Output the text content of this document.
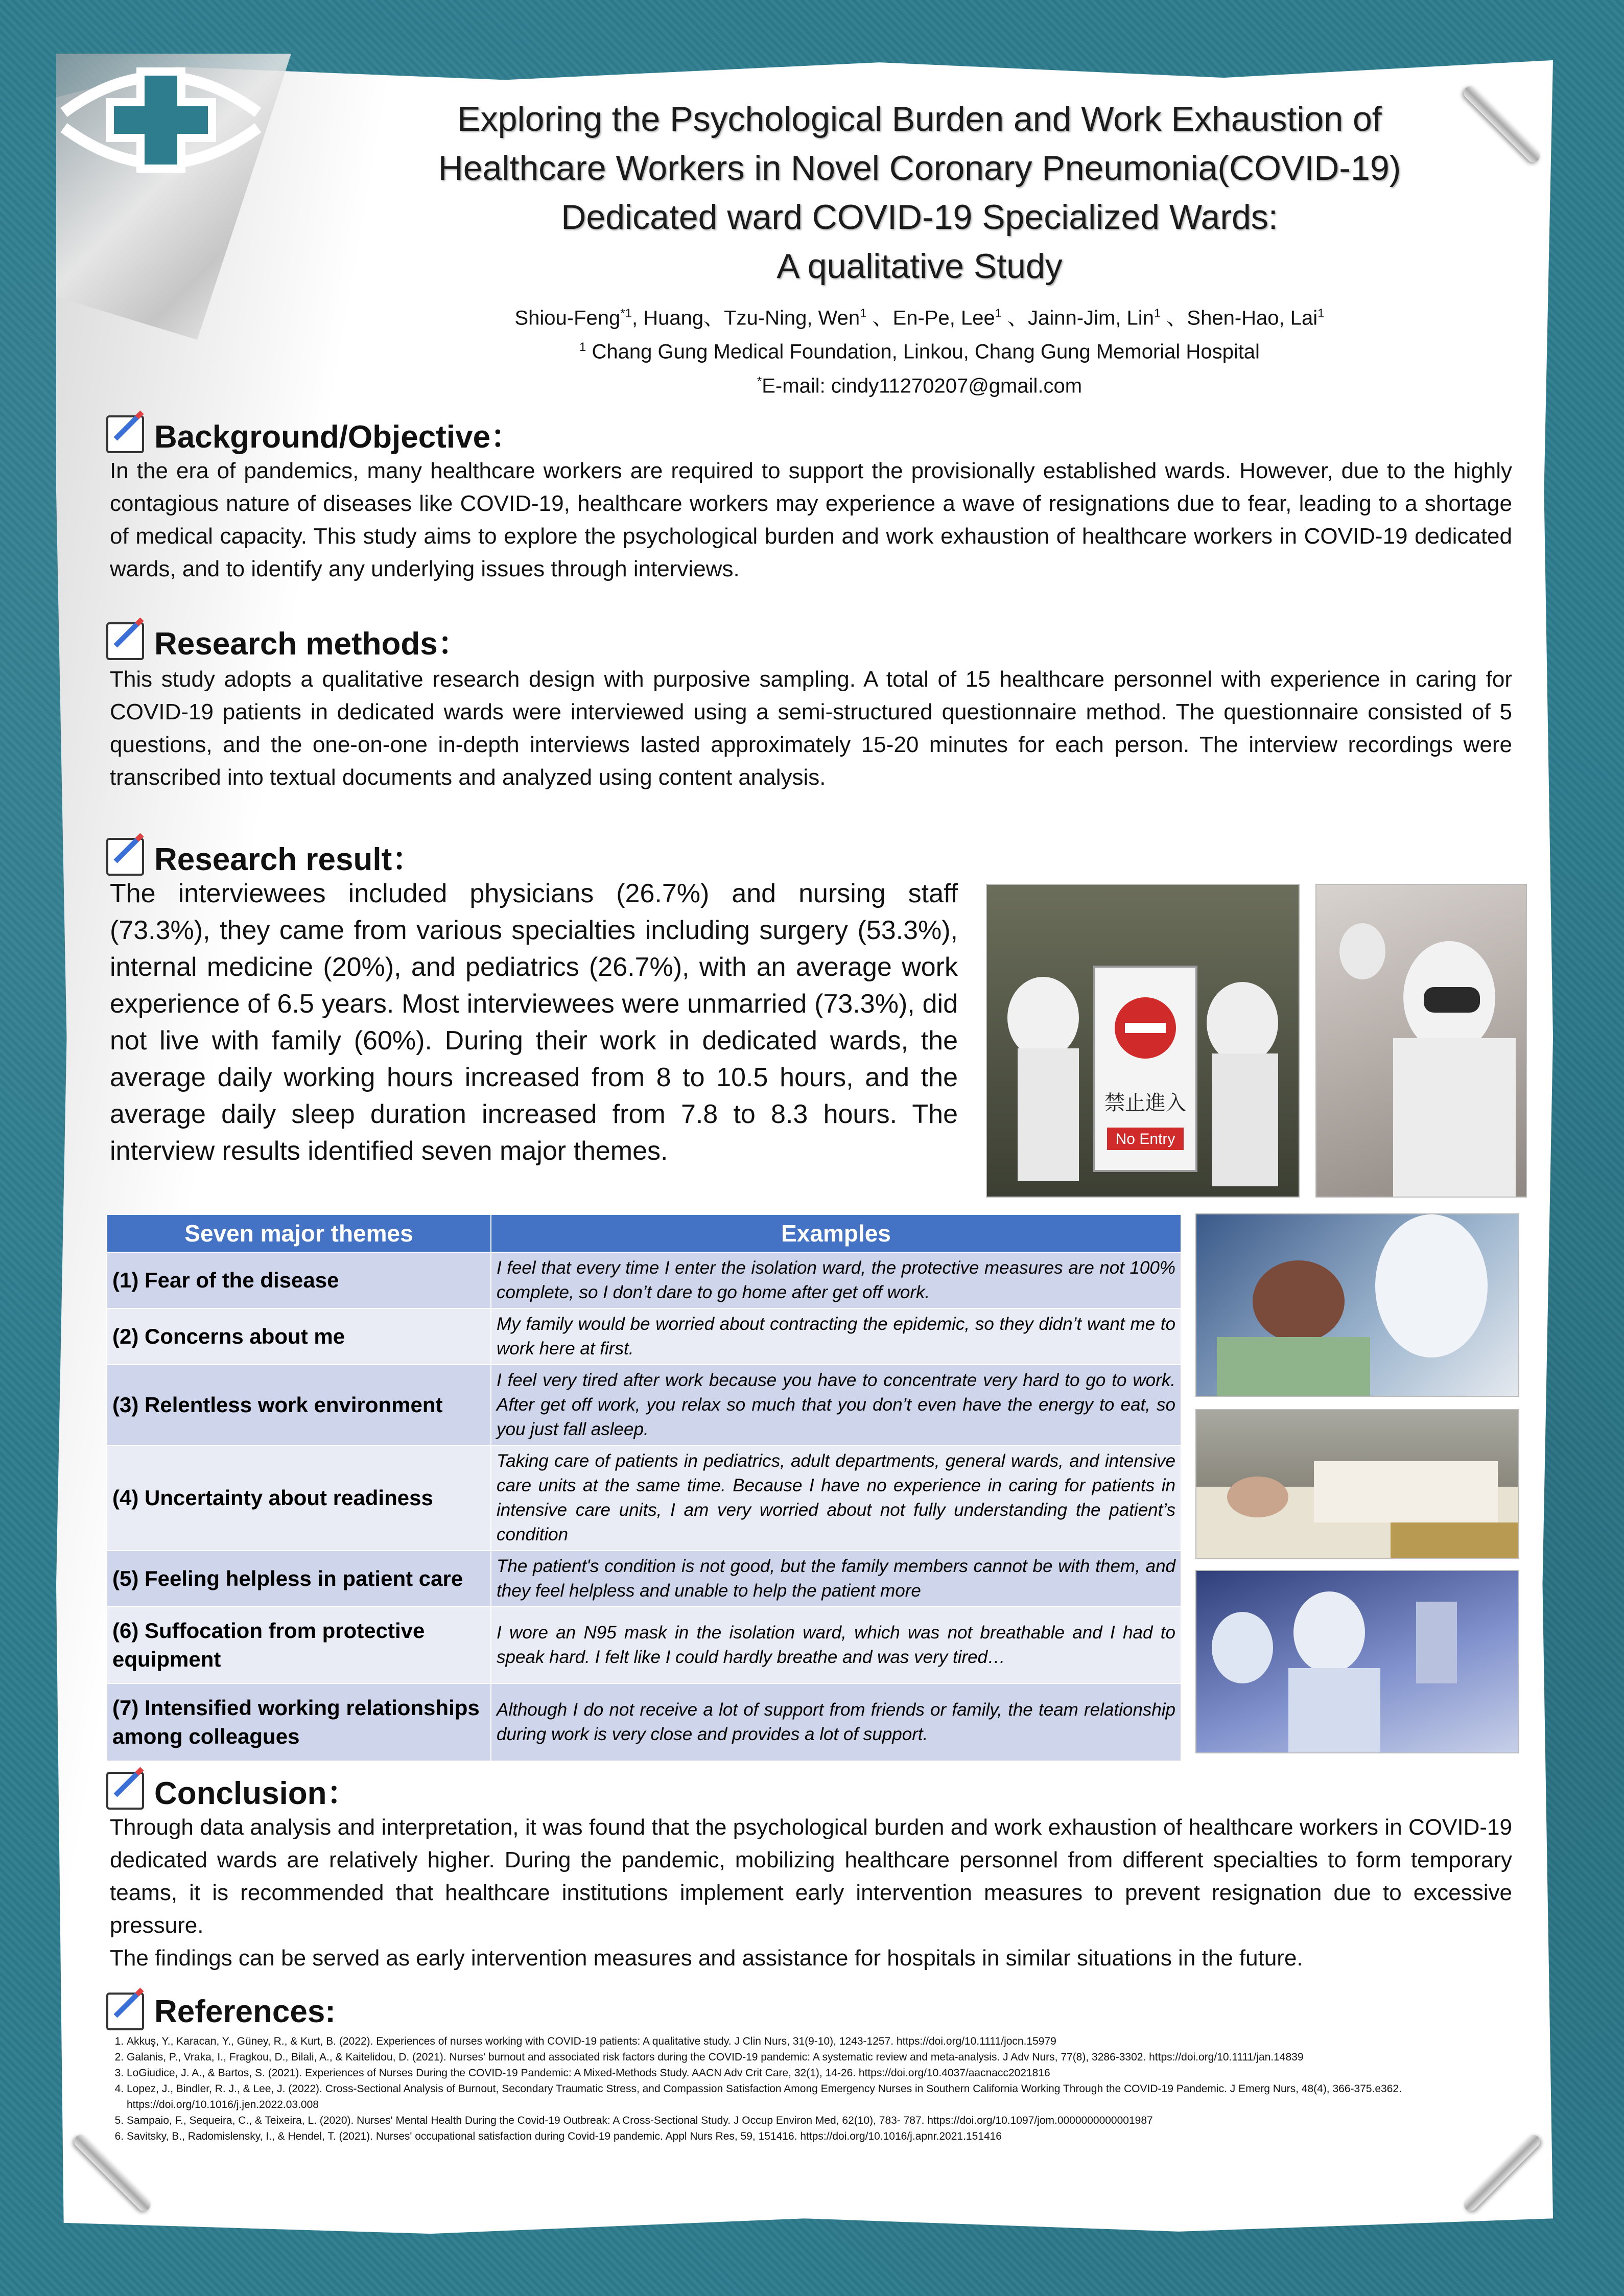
Exploring the Psychological Burden and Work Exhaustion of
Healthcare Workers in Novel Coronary Pneumonia(COVID-19)
Dedicated ward COVID-19 Specialized Wards:
A qualitative Study
Shiou-Feng$^{*1}$, Huang、Tzu-Ning, Wen$^1$ 、En-Pe, Lee$^1$ 、Jainn-Jim, Lin$^1$ 、Shen-Hao, Lai$^1$
$^1$ Chang Gung Medical Foundation, Linkou, Chang Gung Memorial Hospital
*E-mail: cindy11270207@gmail.com
Background/Objective：
In the era of pandemics, many healthcare workers are required to support the provisionally established wards. However, due to the highly contagious nature of diseases like COVID-19, healthcare workers may experience a wave of resignations due to fear, leading to a shortage of medical capacity. This study aims to explore the psychological burden and work exhaustion of healthcare workers in COVID-19 dedicated wards, and to identify any underlying issues through interviews.
Research methods：
This study adopts a qualitative research design with purposive sampling. A total of 15 healthcare personnel with experience in caring for COVID-19 patients in dedicated wards were interviewed using a semi-structured questionnaire method. The questionnaire consisted of 5 questions, and the one-on-one in-depth interviews lasted approximately 15-20 minutes for each person. The interview recordings were transcribed into textual documents and analyzed using content analysis.
Research result：
The interviewees included physicians (26.7%) and nursing staff (73.3%), they came from various specialties including surgery (53.3%), internal medicine (20%), and pediatrics (26.7%), with an average work experience of 6.5 years. Most interviewees were unmarried (73.3%), did not live with family (60%). During their work in dedicated wards, the average daily working hours increased from 8 to 10.5 hours, and the average daily sleep duration increased from 7.8 to 8.3 hours. The interview results identified seven major themes.
禁止進入
No Entry
Seven major themes	Examples
(1) Fear of the disease	I feel that every time I enter the isolation ward, the protective measures are not 100% complete, so I don’t dare to go home after get off work.
(2) Concerns about me	My family would be worried about contracting the epidemic, so they didn’t want me to work here at first.
(3) Relentless work environment	I feel very tired after work because you have to concentrate very hard to go to work. After get off work, you relax so much that you don’t even have the energy to eat, so you just fall asleep.
(4) Uncertainty about readiness	Taking care of patients in pediatrics, adult departments, general wards, and intensive care units at the same time. Because I have no experience in caring for patients in intensive care units, I am very worried about not fully understanding the patient’s condition
(5) Feeling helpless in patient care	The patient's condition is not good, but the family members cannot be with them, and they feel helpless and unable to help the patient more
(6) Suffocation from protective equipment	I wore an N95 mask in the isolation ward, which was not breathable and I had to speak hard. I felt like I could hardly breathe and was very tired…
(7) Intensified working relationships among colleagues	Although I do not receive a lot of support from friends or family, the team relationship during work is very close and provides a lot of support.
Conclusion：
Through data analysis and interpretation, it was found that the psychological burden and work exhaustion of healthcare workers in COVID-19 dedicated wards are relatively higher. During the pandemic, mobilizing healthcare personnel from different specialties to form temporary teams, it is recommended that healthcare institutions implement early intervention measures to prevent resignation due to excessive pressure.
The findings can be served as early intervention measures and assistance for hospitals in similar situations in the future.
References:
1. Akkuş, Y., Karacan, Y., Güney, R., & Kurt, B. (2022). Experiences of nurses working with COVID-19 patients: A qualitative study. J Clin Nurs, 31(9-10), 1243-1257. https://doi.org/10.1111/jocn.15979
2. Galanis, P., Vraka, I., Fragkou, D., Bilali, A., & Kaitelidou, D. (2021). Nurses' burnout and associated risk factors during the COVID-19 pandemic: A systematic review and meta-analysis. J Adv Nurs, 77(8), 3286-3302. https://doi.org/10.1111/jan.14839
3. LoGiudice, J. A., & Bartos, S. (2021). Experiences of Nurses During the COVID-19 Pandemic: A Mixed-Methods Study. AACN Adv Crit Care, 32(1), 14-26. https://doi.org/10.4037/aacnacc2021816
4. Lopez, J., Bindler, R. J., & Lee, J. (2022). Cross-Sectional Analysis of Burnout, Secondary Traumatic Stress, and Compassion Satisfaction Among Emergency Nurses in Southern California Working Through the COVID-19 Pandemic. J Emerg Nurs, 48(4), 366-375.e362. https://doi.org/10.1016/j.jen.2022.03.008
5. Sampaio, F., Sequeira, C., & Teixeira, L. (2020). Nurses' Mental Health During the Covid-19 Outbreak: A Cross-Sectional Study. J Occup Environ Med, 62(10), 783- 787. https://doi.org/10.1097/jom.0000000000001987
6. Savitsky, B., Radomislensky, I., & Hendel, T. (2021). Nurses' occupational satisfaction during Covid-19 pandemic. Appl Nurs Res, 59, 151416. https://doi.org/10.1016/j.apnr.2021.151416
